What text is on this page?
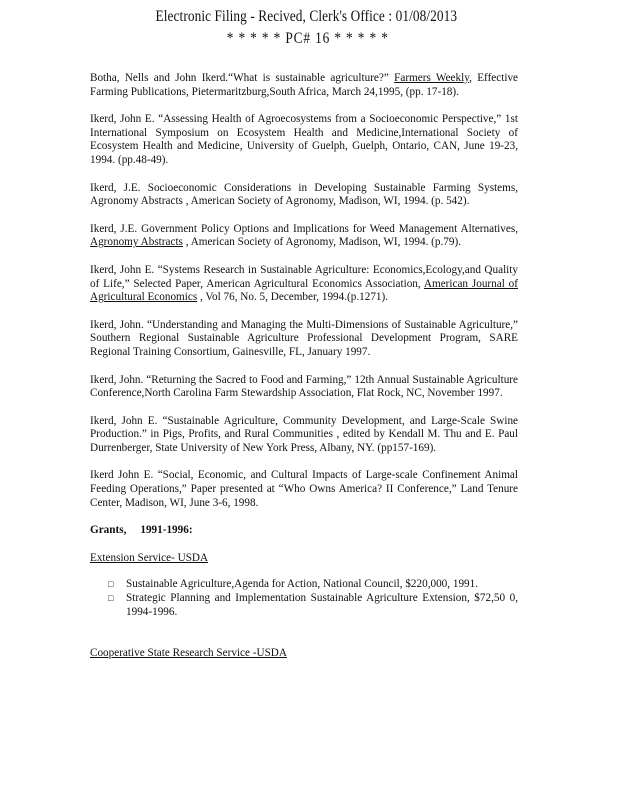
Electronic Filing - Recived, Clerk's Office : 01/08/2013
* * * * * PC# 16 * * * * *

Botha, Nells and John Ikerd.“What is sustainable agriculture?” Farmers Weekly, Effective Farming Publications, Pietermaritzburg,South Africa, March 24,1995, (pp. 17-18).

Ikerd, John E. “Assessing Health of Agroecosystems from a Socioeconomic Perspective,” 1st International Symposium on Ecosystem Health and Medicine,International Society of Ecosystem Health and Medicine, University of Guelph, Guelph, Ontario, CAN, June 19-23, 1994. (pp.48-49).

Ikerd, J.E. Socioeconomic Considerations in Developing Sustainable Farming Systems, Agronomy Abstracts , American Society of Agronomy, Madison, WI, 1994. (p. 542).

Ikerd, J.E. Government Policy Options and Implications for Weed Management Alternatives, Agronomy Abstracts , American Society of Agronomy, Madison, WI, 1994. (p.79).

Ikerd, John E. “Systems Research in Sustainable Agriculture: Economics,Ecology,and Quality of Life,” Selected Paper, American Agricultural Economics Association, American Journal of Agricultural Economics , Vol 76, No. 5, December, 1994.(p.1271).

Ikerd, John. “Understanding and Managing the Multi-Dimensions of Sustainable Agriculture,” Southern Regional Sustainable Agriculture Professional Development Program, SARE Regional Training Consortium, Gainesville, FL, January 1997.

Ikerd, John. “Returning the Sacred to Food and Farming,” 12th Annual Sustainable Agriculture Conference,North Carolina Farm Stewardship Association, Flat Rock, NC, November 1997.

Ikerd, John E. “Sustainable Agriculture, Community Development, and Large-Scale Swine Production.” in Pigs, Profits, and Rural Communities , edited by Kendall M. Thu and E. Paul Durrenberger, State University of New York Press, Albany, NY. (pp157-169).

Ikerd John E. “Social, Economic, and Cultural Impacts of Large-scale Confinement Animal Feeding Operations,” Paper presented at “Who Owns America? II Conference,” Land Tenure Center, Madison, WI, June 3-6, 1998.

Grants, 1991-1996:
Extension Service- USDA
□ Sustainable Agriculture,Agenda for Action, National Council, $220,000, 1991.
□ Strategic Planning and Implementation Sustainable Agriculture Extension, $72,50 0, 1994-1996.
Cooperative State Research Service -USDA
